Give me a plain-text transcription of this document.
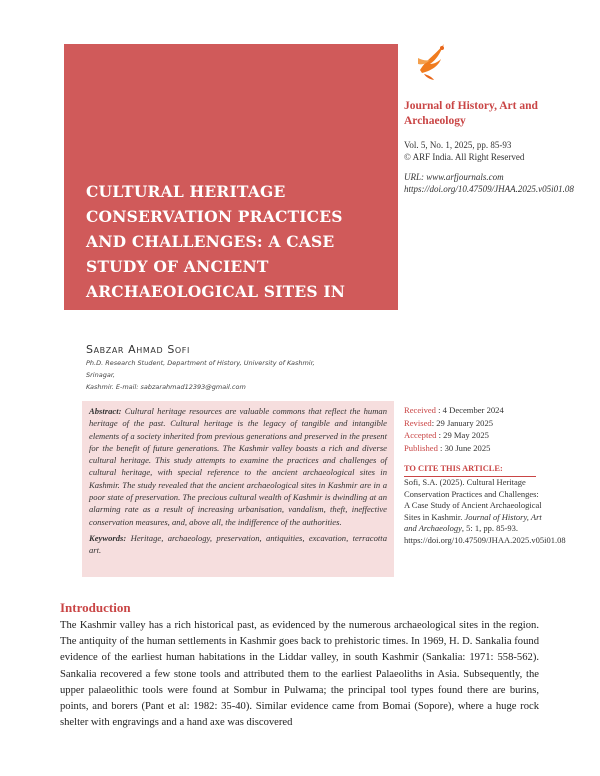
CULTURAL HERITAGE CONSERVATION PRACTICES AND CHALLENGES: A CASE STUDY OF ANCIENT ARCHAEOLOGICAL SITES IN KASHMIR
Journal of History, Art and Archaeology
Vol. 5, No. 1, 2025, pp. 85-93
© ARF India. All Right Reserved
URL: www.arfjournals.com
https://doi.org/10.47509/JHAA.2025.v05i01.08
Sabzar Ahmad Sofi
Ph.D. Research Student, Department of History, University of Kashmir, Srinagar,
Kashmir. E-mail: sabzarahmad12393@gmail.com

Abstract: Cultural heritage resources are valuable commons that reflect the human heritage of the past. Cultural heritage is the legacy of tangible and intangible elements of a society inherited from previous generations and preserved in the present for the benefit of future generations. The Kashmir valley boasts a rich and diverse cultural heritage. This study attempts to examine the practices and challenges of cultural heritage, with special reference to the ancient archaeological sites in Kashmir. The study revealed that the ancient archaeological sites in Kashmir are in a poor state of preservation. The precious cultural wealth of Kashmir is dwindling at an alarming rate as a result of increasing urbanisation, vandalism, theft, ineffective conservation measures, and, above all, the indifference of the authorities.

Keywords: Heritage, archaeology, preservation, antiquities, excavation, terracotta art.

Received : 4 December 2024
Revised: 29 January 2025
Accepted : 29 May 2025
Published : 30 June 2025
TO CITE THIS ARTICLE:
Sofi, S.A. (2025). Cultural Heritage Conservation Practices and Challenges: A Case Study of Ancient Archaeological Sites in Kashmir. Journal of History, Art and Archaeology, 5: 1, pp. 85-93. https://doi.org/10.47509/JHAA.2025.v05i01.08
Introduction

The Kashmir valley has a rich historical past, as evidenced by the numerous archaeological sites in the region. The antiquity of the human settlements in Kashmir goes back to prehistoric times. In 1969, H. D. Sankalia found evidence of the earliest human habitations in the Liddar valley, in south Kashmir (Sankalia: 1971: 558-562). Sankalia recovered a few stone tools and attributed them to the earliest Palaeoliths in Asia. Subsequently, the upper palaeolithic tools were found at Sombur in Pulwama; the principal tool types found there are burins, points, and borers (Pant et al: 1982: 35-40). Similar evidence came from Bomai (Sopore), where a huge rock shelter with engravings and a hand axe was discovered
